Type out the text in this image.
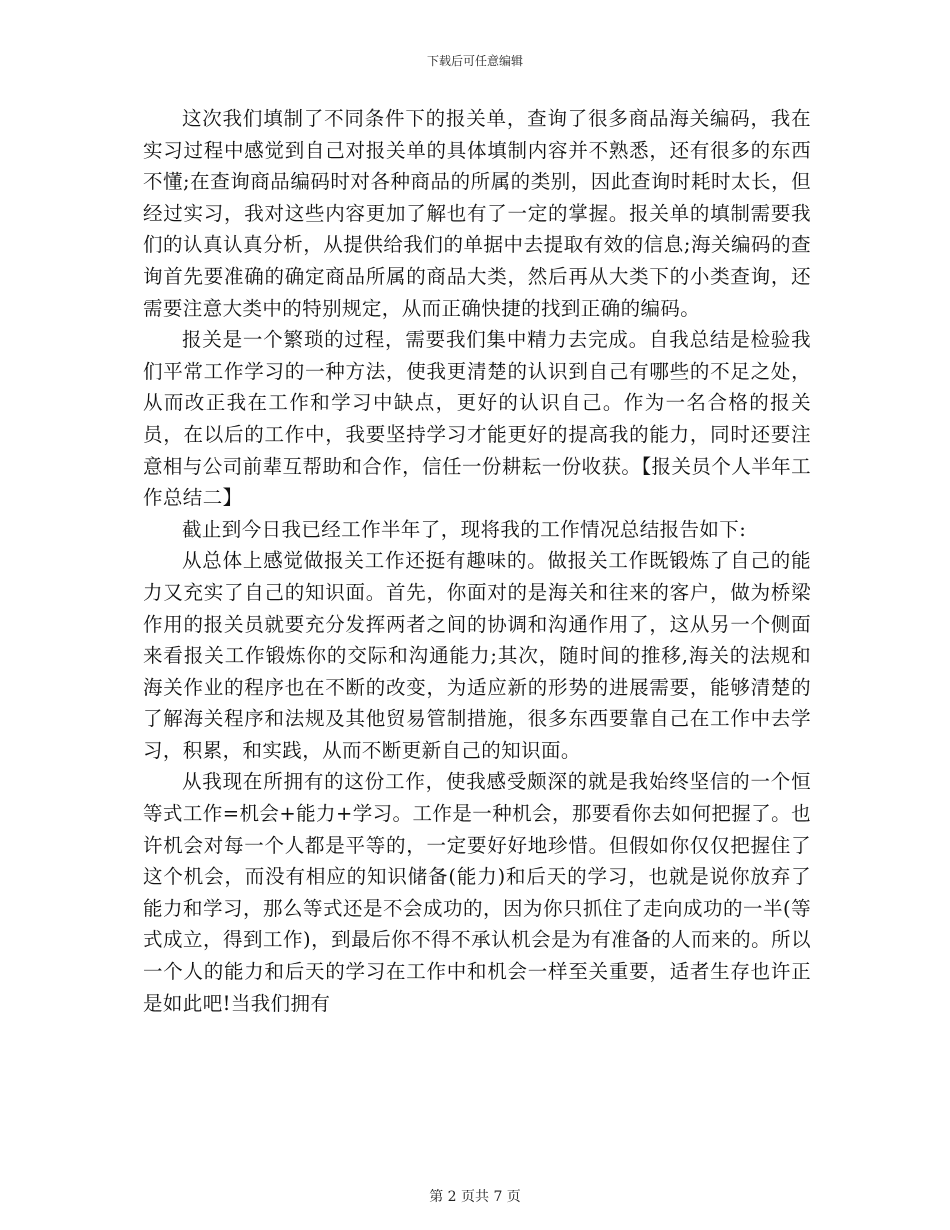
下载后可任意编辑

这次我们填制了不同条件下的报关单，查询了很多商品海关编码，我在实习过程中感觉到自己对报关单的具体填制内容并不熟悉，还有很多的东西不懂;在查询商品编码时对各种商品的所属的类别，因此查询时耗时太长，但经过实习，我对这些内容更加了解也有了一定的掌握。报关单的填制需要我们的认真认真分析，从提供给我们的单据中去提取有效的信息;海关编码的查询首先要准确的确定商品所属的商品大类，然后再从大类下的小类查询，还需要注意大类中的特别规定，从而正确快捷的找到正确的编码。

报关是一个繁琐的过程，需要我们集中精力去完成。自我总结是检验我们平常工作学习的一种方法，使我更清楚的认识到自己有哪些的不足之处，从而改正我在工作和学习中缺点，更好的认识自己。作为一名合格的报关员，在以后的工作中，我要坚持学习才能更好的提高我的能力，同时还要注意相与公司前辈互帮助和合作，信任一份耕耘一份收获。【报关员个人半年工作总结二】

截止到今日我已经工作半年了，现将我的工作情况总结报告如下:

从总体上感觉做报关工作还挺有趣味的。做报关工作既锻炼了自己的能力又充实了自己的知识面。首先，你面对的是海关和往来的客户，做为桥梁作用的报关员就要充分发挥两者之间的协调和沟通作用了，这从另一个侧面来看报关工作锻炼你的交际和沟通能力;其次，随时间的推移,海关的法规和海关作业的程序也在不断的改变，为适应新的形势的进展需要，能够清楚的了解海关程序和法规及其他贸易管制措施，很多东西要靠自己在工作中去学习，积累，和实践，从而不断更新自己的知识面。

从我现在所拥有的这份工作，使我感受颇深的就是我始终坚信的一个恒等式工作=机会+能力+学习。工作是一种机会，那要看你去如何把握了。也许机会对每一个人都是平等的，一定要好好地珍惜。但假如你仅仅把握住了这个机会，而没有相应的知识储备(能力)和后天的学习，也就是说你放弃了能力和学习，那么等式还是不会成功的，因为你只抓住了走向成功的一半(等式成立，得到工作)，到最后你不得不承认机会是为有准备的人而来的。所以一个人的能力和后天的学习在工作中和机会一样至关重要，适者生存也许正是如此吧!当我们拥有

第 2 页共 7 页
